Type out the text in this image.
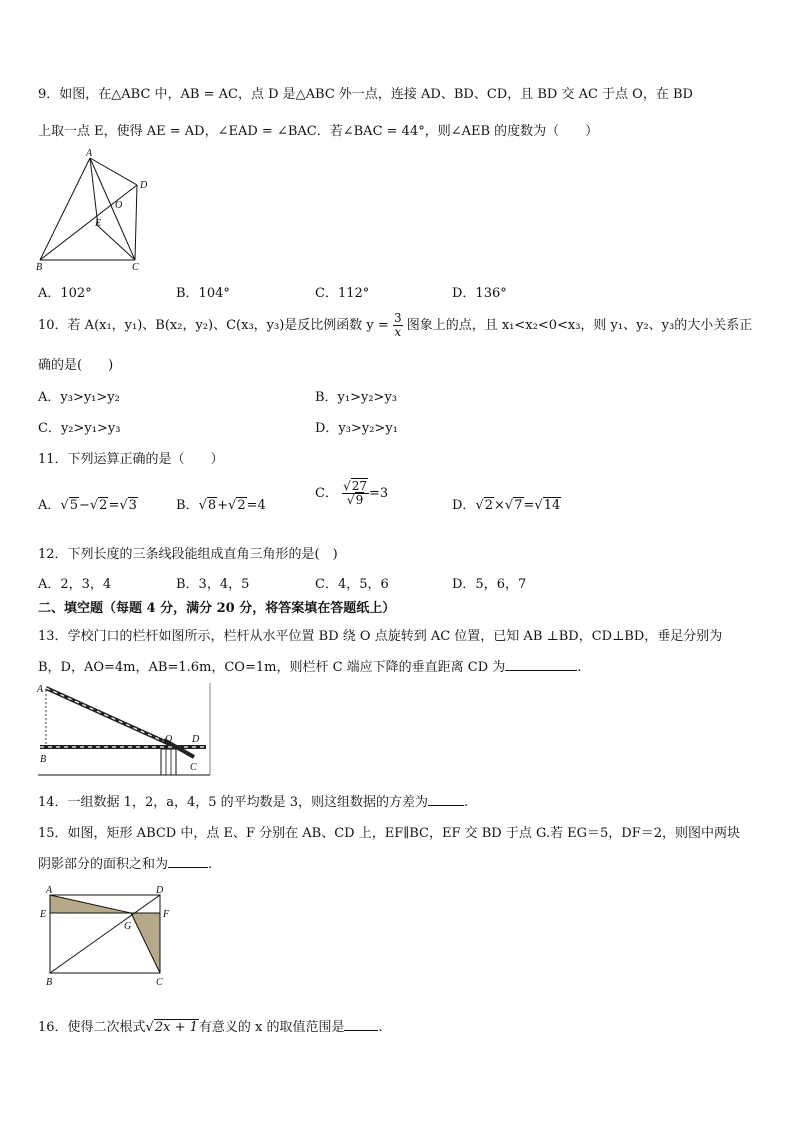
9．如图，在△ABC 中，AB = AC，点 D 是△ABC 外一点，连接 AD、BD、CD，且 BD 交 AC 于点 O，在 BD
上取一点 E，使得 AE = AD，∠EAD = ∠BAC．若∠BAC = 44°，则∠AEB 的度数为（　　）
A
D
O
E
B	C
A．102°	B．104°	C．112°	D．136°
10．若 A(x₁，y₁)、B(x₂，y₂)、C(x₃，y₃)是反比例函数 $y = \frac{3}{x}$ 图象上的点，且 x₁<x₂<0<x₃，则 y₁、y₂、y₃的大小关系正
确的是(　　)
A．y₃>y₁>y₂	B．y₁>y₂>y₃
C．y₂>y₁>y₃	D．y₃>y₂>y₁
11．下列运算正确的是（　　）
A．√5−√2=√3	B．√8+√2=4
C． $\frac{√27}{√9} =3$
D．√2×√7=√14
12．下列长度的三条线段能组成直角三角形的是(　)
A．2，3，4	B．3，4，5	C．4，5，6	D．5，6，7
二、填空题（每题 4 分，满分 20 分，将答案填在答题纸上）
13．学校门口的栏杆如图所示，栏杆从水平位置 BD 绕 O 点旋转到 AC 位置，已知 AB ⊥BD，CD⊥BD，垂足分别为
B，D，AO=4m，AB=1.6m，CO=1m，则栏杆 C 端应下降的垂直距离 CD 为	.
A
B
O D
C
14．一组数据 1，2，a，4，5 的平均数是 3，则这组数据的方差为	.
15．如图，矩形 ABCD 中，点 E、F 分别在 AB、CD 上，EF∥BC，EF 交 BD 于点 G.若 EG＝5，DF＝2，则图中两块
阴影部分的面积之和为	.
A	D
E	F
G
B	C
16．使得二次根式√2x + 1有意义的 x 的取值范围是	.
